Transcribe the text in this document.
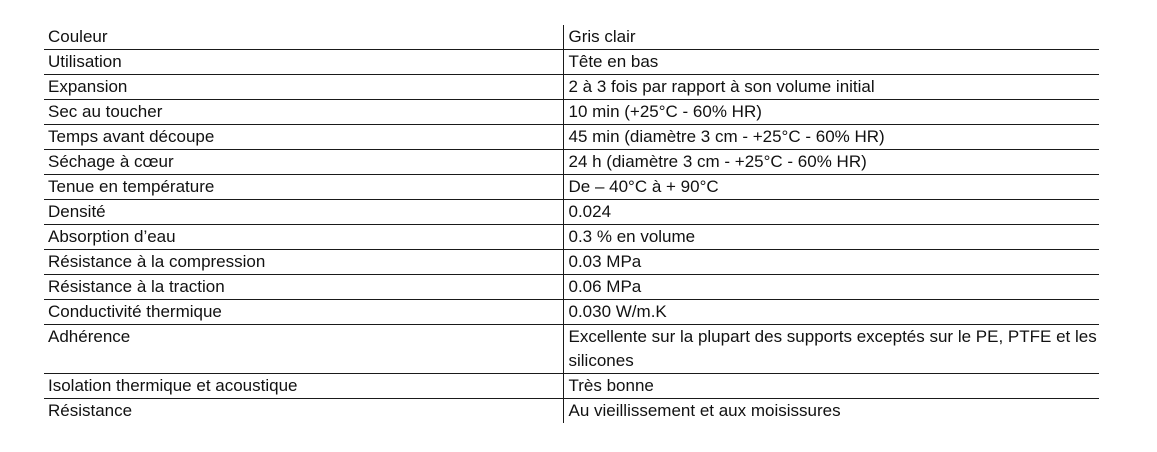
Couleur	Gris clair
Utilisation	Tête en bas
Expansion	2 à 3 fois par rapport à son volume initial
Sec au toucher	10 min (+25°C - 60% HR)
Temps avant découpe	45 min (diamètre 3 cm - +25°C - 60% HR)
Séchage à cœur	24 h (diamètre 3 cm - +25°C - 60% HR)
Tenue en température	De – 40°C à + 90°C
Densité	0.024
Absorption d’eau	0.3 % en volume
Résistance à la compression	0.03 MPa
Résistance à la traction	0.06 MPa
Conductivité thermique	0.030 W/m.K
Adhérence	Excellente sur la plupart des supports exceptés sur le PE, PTFE et les silicones
Isolation thermique et acoustique	Très bonne
Résistance	Au vieillissement et aux moisissures
